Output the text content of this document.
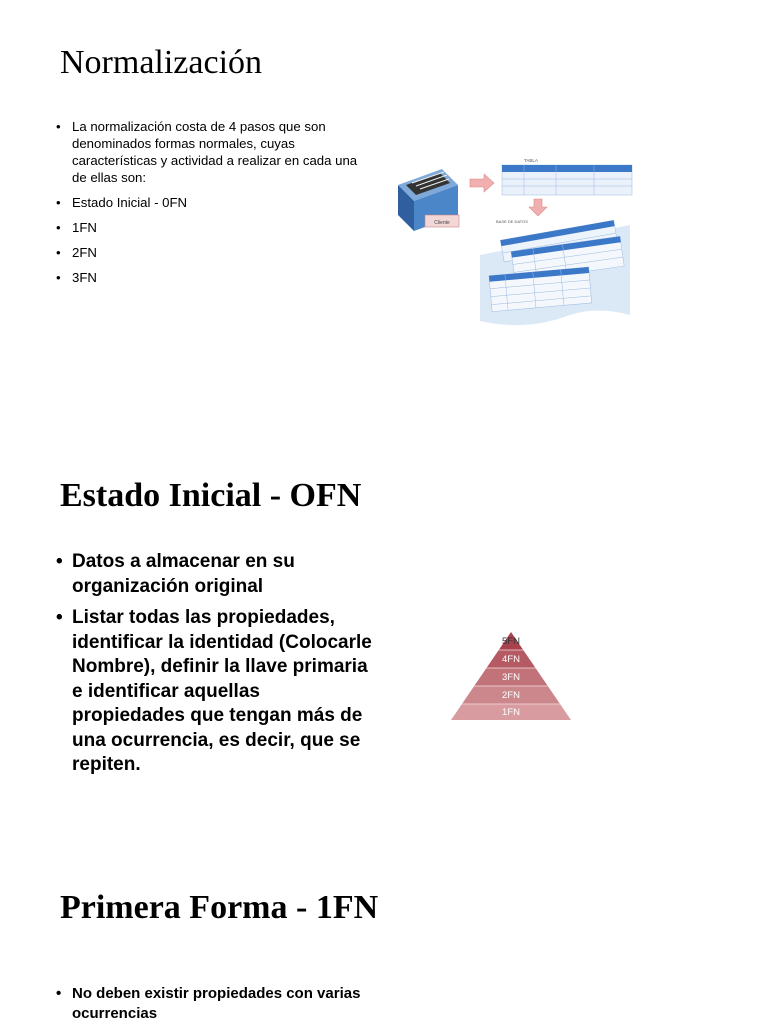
Normalización
• La normalización costa de 4 pasos que son denominados formas normales, cuyas características y actividad a realizar en cada una de ellas son:
• Estado Inicial - 0FN
• 1FN
• 2FN
• 3FN
Cliente
TABLA
BASE DE DATOS
Estado Inicial - OFN
• Datos a almacenar en su organización original
• Listar todas las propiedades, identificar la identidad (Colocarle Nombre), definir la llave primaria e identificar aquellas propiedades que tengan más de una ocurrencia, es decir, que se repiten.
5FN
4FN
3FN
2FN
1FN
Primera Forma - 1FN
• No deben existir propiedades con varias ocurrencias
